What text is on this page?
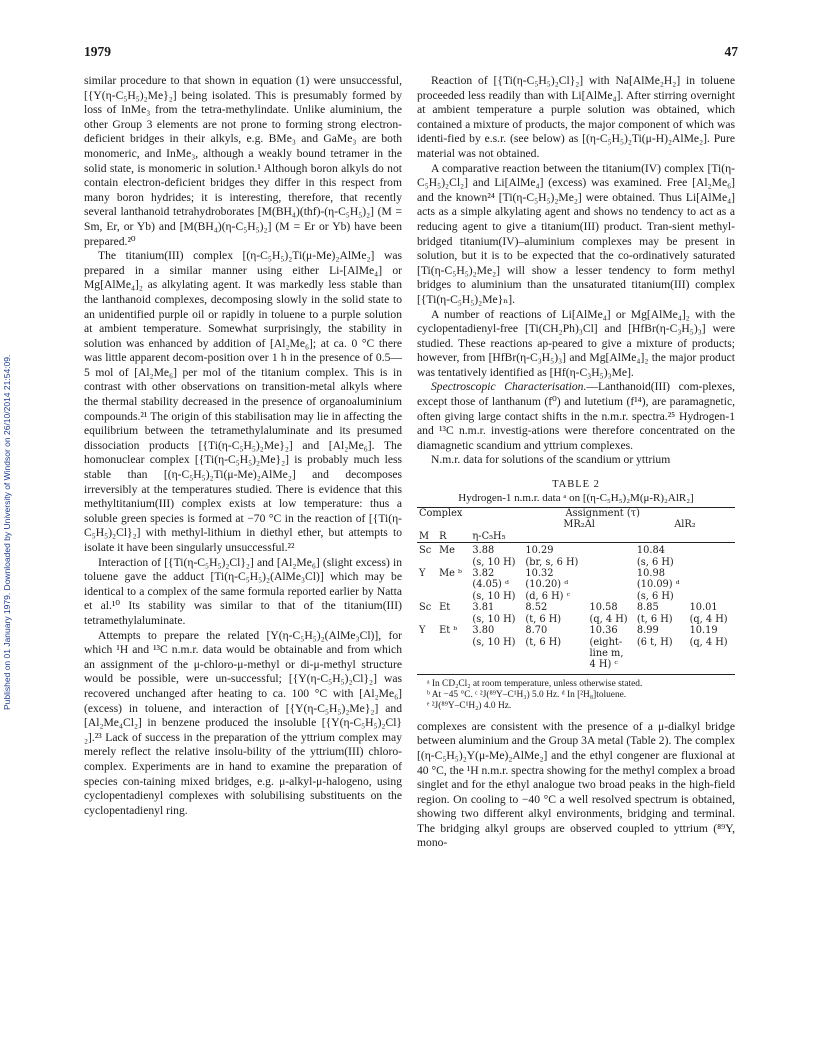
1979	47
Published on 01 January 1979. Downloaded by University of Windsor on 26/10/2014 21:54:09.

similar procedure to that shown in equation (1) were unsuccessful, [{Y(η-C₅H₅)₂Me}₂] being isolated. This is presumably formed by loss of InMe₃ from the tetra-methylindate. Unlike aluminium, the other Group 3 elements are not prone to forming strong electron-deficient bridges in their alkyls, e.g. BMe₃ and GaMe₃ are both monomeric, and InMe₃, although a weakly bound tetramer in the solid state, is monomeric in solution.¹ Although boron alkyls do not contain electron-deficient bridges they differ in this respect from many boron hydrides; it is interesting, therefore, that recently several lanthanoid tetrahydroborates [M(BH₄)(thf)-(η-C₅H₅)₂] (M = Sm, Er, or Yb) and [M(BH₄)(η-C₅H₅)₂] (M = Er or Yb) have been prepared.²⁰

The titanium(III) complex [(η-C₅H₅)₂Ti(μ-Me)₂AlMe₂] was prepared in a similar manner using either Li-[AlMe₄] or Mg[AlMe₄]₂ as alkylating agent. It was markedly less stable than the lanthanoid complexes, decomposing slowly in the solid state to an unidentified purple oil or rapidly in toluene to a purple solution at ambient temperature. Somewhat surprisingly, the stability in solution was enhanced by addition of [Al₂Me₆]; at ca. 0 °C there was little apparent decom-position over 1 h in the presence of 0.5—5 mol of [Al₂Me₆] per mol of the titanium complex. This is in contrast with other observations on transition-metal alkyls where the thermal stability decreased in the presence of organoaluminium compounds.²¹ The origin of this stabilisation may lie in affecting the equilibrium between the tetramethylaluminate and its presumed dissociation products [{Ti(η-C₅H₅)₂Me}₂] and [Al₂Me₆]. The homonuclear complex [{Ti(η-C₅H₅)₂Me}₂] is probably much less stable than [(η-C₅H₅)₂Ti(μ-Me)₂AlMe₂] and decomposes irreversibly at the temperatures studied. There is evidence that this methyltitanium(III) complex exists at low temperature: thus a soluble green species is formed at −70 °C in the reaction of [{Ti(η-C₅H₅)₂Cl}₂] with methyl-lithium in diethyl ether, but attempts to isolate it have been singularly unsuccessful.²²

Interaction of [{Ti(η-C₅H₅)₂Cl}₂] and [Al₂Me₆] (slight excess) in toluene gave the adduct [Ti(η-C₅H₅)₂(AlMe₃Cl)] which may be identical to a complex of the same formula reported earlier by Natta et al.¹⁰ Its stability was similar to that of the titanium(III) tetramethylaluminate.

Attempts to prepare the related [Y(η-C₅H₅)₂(AlMe₃Cl)], for which ¹H and ¹³C n.m.r. data would be obtainable and from which an assignment of the μ-chloro-μ-methyl or di-μ-methyl structure would be possible, were un-successful; [{Y(η-C₅H₅)₂Cl}₂] was recovered unchanged after heating to ca. 100 °C with [Al₂Me₆] (excess) in toluene, and interaction of [{Y(η-C₅H₅)₂Me}₂] and [Al₂Me₄Cl₂] in benzene produced the insoluble [{Y(η-C₅H₅)₂Cl}₂].²³ Lack of success in the preparation of the yttrium complex may merely reflect the relative insolu-bility of the yttrium(III) chloro-complex. Experiments are in hand to examine the preparation of species con-taining mixed bridges, e.g. μ-alkyl-μ-halogeno, using cyclopentadienyl complexes with solubilising substituents on the cyclopentadienyl ring.

Reaction of [{Ti(η-C₅H₅)₂Cl}₂] with Na[AlMe₂H₂] in toluene proceeded less readily than with Li[AlMe₄]. After stirring overnight at ambient temperature a purple solution was obtained, which contained a mixture of products, the major component of which was identi-fied by e.s.r. (see below) as [(η-C₅H₅)₂Ti(μ-H)₂AlMe₂]. Pure material was not obtained.

A comparative reaction between the titanium(IV) complex [Ti(η-C₅H₅)₂Cl₂] and Li[AlMe₄] (excess) was examined. Free [Al₂Me₆] and the known²⁴ [Ti(η-C₅H₅)₂Me₂] were obtained. Thus Li[AlMe₄] acts as a simple alkylating agent and shows no tendency to act as a reducing agent to give a titanium(III) product. Tran-sient methyl-bridged titanium(IV)–aluminium complexes may be present in solution, but it is to be expected that the co-ordinatively saturated [Ti(η-C₅H₅)₂Me₂] will show a lesser tendency to form methyl bridges to aluminium than the unsaturated titanium(III) complex [{Ti(η-C₅H₅)₂Me}ₙ].

A number of reactions of Li[AlMe₄] or Mg[AlMe₄]₂ with the cyclopentadienyl-free [Ti(CH₂Ph)₃Cl] and [HfBr(η-C₃H₅)₃] were studied. These reactions ap-peared to give a mixture of products; however, from [HfBr(η-C₃H₅)₃] and Mg[AlMe₄]₂ the major product was tentatively identified as [Hf(η-C₃H₅)₃Me].

Spectroscopic Characterisation.—Lanthanoid(III) com-plexes, except those of lanthanum (f⁰) and lutetium (f¹⁴), are paramagnetic, often giving large contact shifts in the n.m.r. spectra.²⁵ Hydrogen-1 and ¹³C n.m.r. investig-ations were therefore concentrated on the diamagnetic scandium and yttrium complexes.

N.m.r. data for solutions of the scandium or yttrium

TABLE 2
Hydrogen-1 n.m.r. data ᵃ on [(η-C₅H₅)₂M(μ-R)₂AlR₂]
Complex		Assignment (τ)				
			MR₂Al		AlR₂	
M	R	η-C₅H₅				
Sc	Me	3.88	10.29		10.84	
		(s, 10 H)	(br, s, 6 H)		(s, 6 H)	
Y	Me ᵇ	3.82	10.32		10.98	
		(4.05) ᵈ	(10.20) ᵈ		(10.09) ᵈ	
		(s, 10 H)	(d, 6 H) ᶜ		(s, 6 H)	
Sc	Et	3.81	8.52	10.58	8.85	10.01
		(s, 10 H)	(t, 6 H)	(q, 4 H)	(t, 6 H)	(q, 4 H)
Y	Et ᵇ	3.80	8.70	10.36	8.99	10.19
		(s, 10 H)	(t, 6 H)	(eight-	(6 t, H)	(q, 4 H)
				line m,		
				4 H) ᶜ		
ᵃ In CD₂Cl₂ at room temperature, unless otherwise stated.
ᵇ At −45 °C. ᶜ ²J(⁸⁹Y–C¹H₃) 5.0 Hz. ᵈ In [²H₈]toluene.
ᵉ ²J(⁸⁹Y–C¹H₂) 4.0 Hz.

complexes are consistent with the presence of a μ-dialkyl bridge between aluminium and the Group 3A metal (Table 2). The complex [(η-C₅H₅)₂Y(μ-Me)₂AlMe₂] and the ethyl congener are fluxional at 40 °C, the ¹H n.m.r. spectra showing for the methyl complex a broad singlet and for the ethyl analogue two broad peaks in the high-field region. On cooling to −40 °C a well resolved spectrum is obtained, showing two different alkyl environments, bridging and terminal. The bridging alkyl groups are observed coupled to yttrium (⁸⁹Y, mono-
